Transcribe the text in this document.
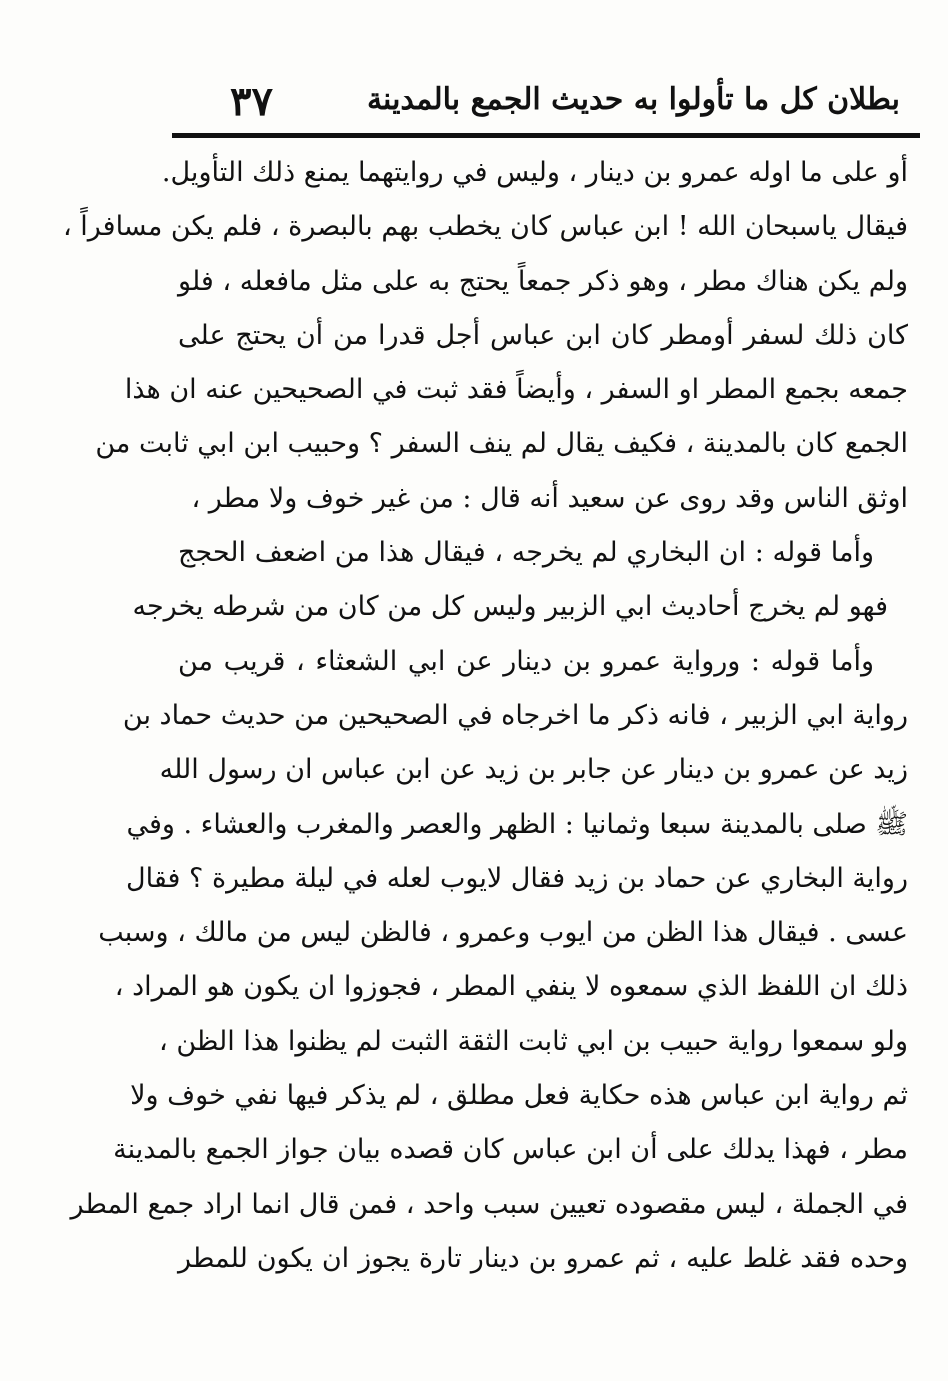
بطلان كل ما تأولوا به حديث الجمع بالمدينة
٣٧
أو على ما اوله عمرو بن دينار ، وليس في روايتهما يمنع ذلك التأويل.
فيقال ياسبحان الله ! ابن عباس كان يخطب بهم بالبصرة ، فلم يكن مسافراً ،
ولم يكن هناك مطر ، وهو ذكر جمعاً يحتج به على مثل مافعله ، فلو
كان ذلك لسفر أومطر كان ابن عباس أجل قدرا من أن يحتج على
جمعه بجمع المطر او السفر ، وأيضاً فقد ثبت في الصحيحين عنه ان هذا
الجمع كان بالمدينة ، فكيف يقال لم ينف السفر ؟ وحبيب ابن ابي ثابت من
اوثق الناس وقد روى عن سعيد أنه قال : من غير خوف ولا مطر ،
وأما قوله : ان البخاري لم يخرجه ، فيقال هذا من اضعف الحجج
فهو لم يخرج أحاديث ابي الزبير وليس كل من كان من شرطه يخرجه
وأما قوله : ورواية عمرو بن دينار عن ابي الشعثاء ، قريب من
رواية ابي الزبير ، فانه ذكر ما اخرجاه في الصحيحين من حديث حماد بن
زيد عن عمرو بن دينار عن جابر بن زيد عن ابن عباس ان رسول الله
ﷺ صلى بالمدينة سبعا وثمانيا : الظهر والعصر والمغرب والعشاء . وفي
رواية البخاري عن حماد بن زيد فقال لايوب لعله في ليلة مطيرة ؟ فقال
عسى . فيقال هذا الظن من ايوب وعمرو ، فالظن ليس من مالك ، وسبب
ذلك ان اللفظ الذي سمعوه لا ينفي المطر ، فجوزوا ان يكون هو المراد ،
ولو سمعوا رواية حبيب بن ابي ثابت الثقة الثبت لم يظنوا هذا الظن ،
ثم رواية ابن عباس هذه حكاية فعل مطلق ، لم يذكر فيها نفي خوف ولا
مطر ، فهذا يدلك على أن ابن عباس كان قصده بيان جواز الجمع بالمدينة
في الجملة ، ليس مقصوده تعيين سبب واحد ، فمن قال انما اراد جمع المطر
وحده فقد غلط عليه ، ثم عمرو بن دينار تارة يجوز ان يكون للمطر
